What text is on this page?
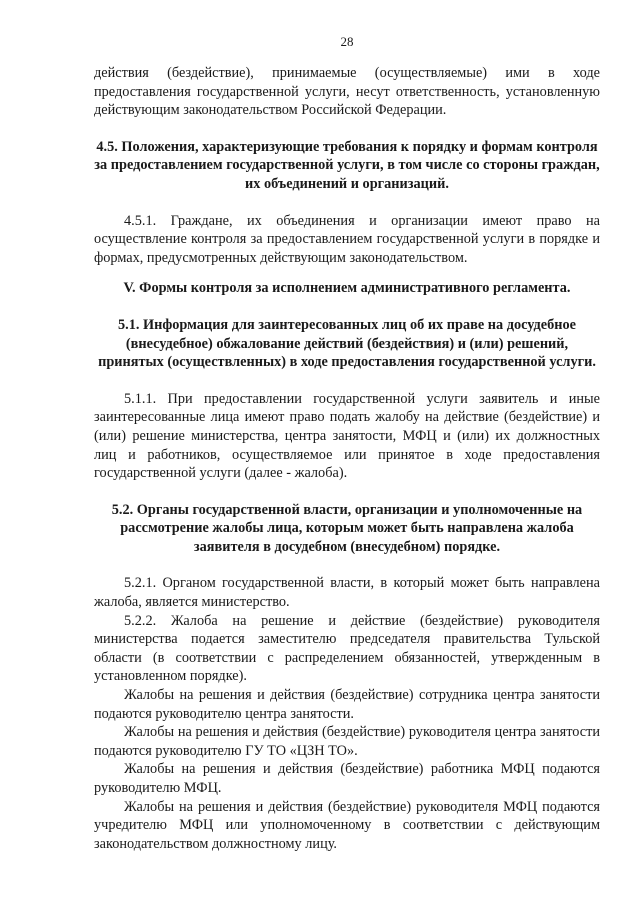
28

действия (бездействие), принимаемые (осуществляемые) ими в ходе предоставления государственной услуги, несут ответственность, установленную действующим законодательством Российской Федерации.

4.5. Положения, характеризующие требования к порядку и формам контроля за предоставлением государственной услуги, в том числе со стороны граждан, их объединений и организаций.

4.5.1. Граждане, их объединения и организации имеют право на осуществление контроля за предоставлением государственной услуги в порядке и формах, предусмотренных действующим законодательством.

V. Формы контроля за исполнением административного регламента.
5.1. Информация для заинтересованных лиц об их праве на досудебное (внесудебное) обжалование действий (бездействия) и (или) решений, принятых (осуществленных) в ходе предоставления государственной услуги.

5.1.1. При предоставлении государственной услуги заявитель и иные заинтересованные лица имеют право подать жалобу на действие (бездействие) и (или) решение министерства, центра занятости, МФЦ и (или) их должностных лиц и работников, осуществляемое или принятое в ходе предоставления государственной услуги (далее - жалоба).

5.2. Органы государственной власти, организации и уполномоченные на рассмотрение жалобы лица, которым может быть направлена жалоба заявителя в досудебном (внесудебном) порядке.

5.2.1. Органом государственной власти, в который может быть направлена жалоба, является министерство.

5.2.2. Жалоба на решение и действие (бездействие) руководителя министерства подается заместителю председателя правительства Тульской области (в соответствии с распределением обязанностей, утвержденным в установленном порядке).

Жалобы на решения и действия (бездействие) сотрудника центра занятости подаются руководителю центра занятости.

Жалобы на решения и действия (бездействие) руководителя центра занятости подаются руководителю ГУ ТО «ЦЗН ТО».

Жалобы на решения и действия (бездействие) работника МФЦ подаются руководителю МФЦ.

Жалобы на решения и действия (бездействие) руководителя МФЦ подаются учредителю МФЦ или уполномоченному в соответствии с действующим законодательством должностному лицу.
